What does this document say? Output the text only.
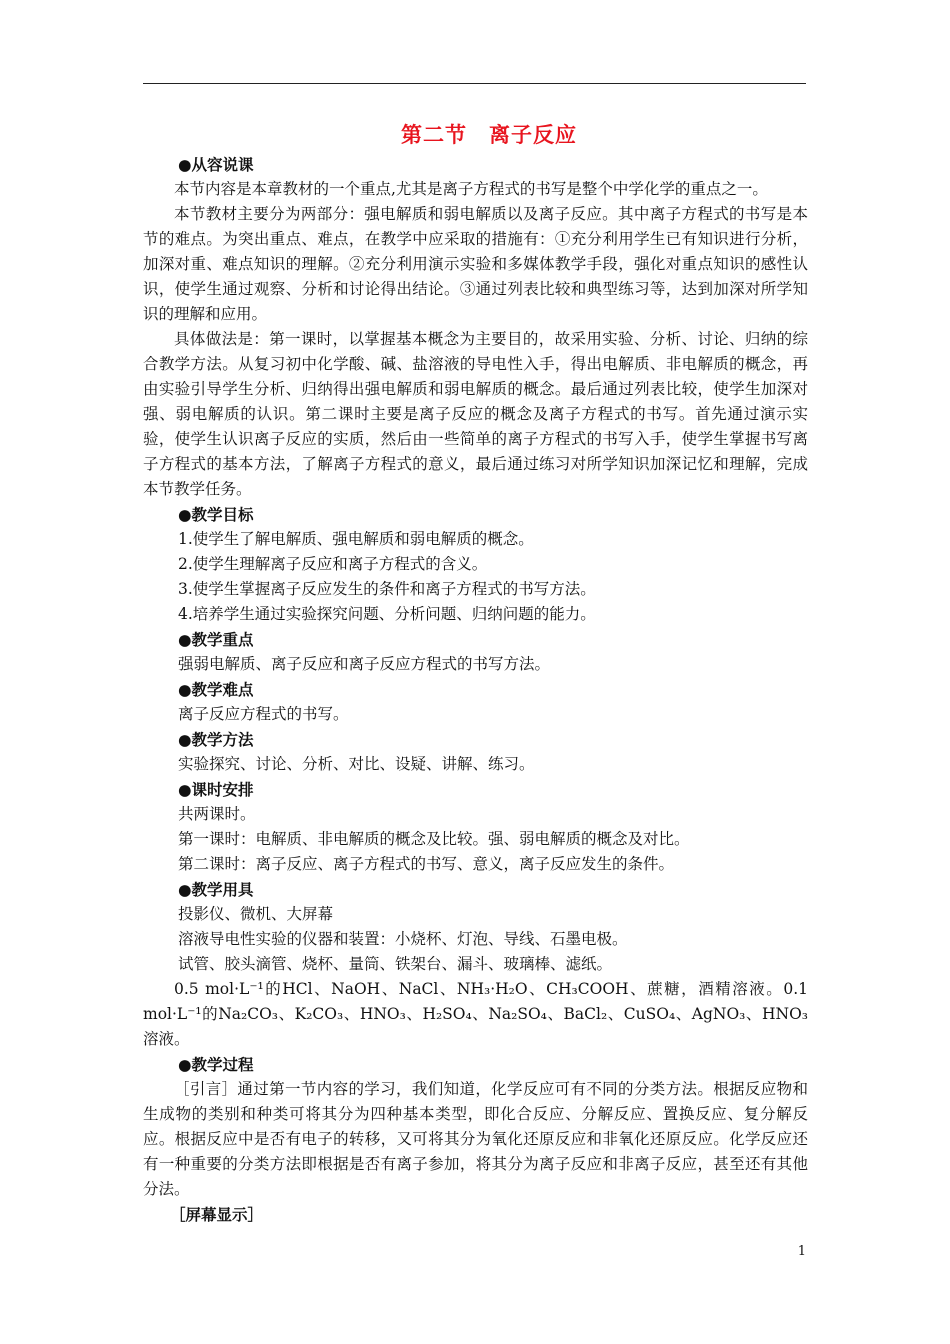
第二节　离子反应

●从容说课

本节内容是本章教材的一个重点,尤其是离子方程式的书写是整个中学化学的重点之一。

本节教材主要分为两部分：强电解质和弱电解质以及离子反应。其中离子方程式的书写是本节的难点。为突出重点、难点，在教学中应采取的措施有：①充分利用学生已有知识进行分析，加深对重、难点知识的理解。②充分利用演示实验和多媒体教学手段，强化对重点知识的感性认识，使学生通过观察、分析和讨论得出结论。③通过列表比较和典型练习等，达到加深对所学知识的理解和应用。

具体做法是：第一课时，以掌握基本概念为主要目的，故采用实验、分析、讨论、归纳的综合教学方法。从复习初中化学酸、碱、盐溶液的导电性入手，得出电解质、非电解质的概念，再由实验引导学生分析、归纳得出强电解质和弱电解质的概念。最后通过列表比较，使学生加深对强、弱电解质的认识。第二课时主要是离子反应的概念及离子方程式的书写。首先通过演示实验，使学生认识离子反应的实质，然后由一些简单的离子方程式的书写入手，使学生掌握书写离子方程式的基本方法，了解离子方程式的意义，最后通过练习对所学知识加深记忆和理解，完成本节教学任务。

●教学目标

1.使学生了解电解质、强电解质和弱电解质的概念。

2.使学生理解离子反应和离子方程式的含义。

3.使学生掌握离子反应发生的条件和离子方程式的书写方法。

4.培养学生通过实验探究问题、分析问题、归纳问题的能力。

●教学重点

强弱电解质、离子反应和离子反应方程式的书写方法。

●教学难点

离子反应方程式的书写。

●教学方法

实验探究、讨论、分析、对比、设疑、讲解、练习。

●课时安排

共两课时。

第一课时：电解质、非电解质的概念及比较。强、弱电解质的概念及对比。

第二课时：离子反应、离子方程式的书写、意义，离子反应发生的条件。

●教学用具

投影仪、微机、大屏幕

溶液导电性实验的仪器和装置：小烧杯、灯泡、导线、石墨电极。

试管、胶头滴管、烧杯、量筒、铁架台、漏斗、玻璃棒、滤纸。

0.5 mol·L⁻¹的HCl、NaOH、NaCl、NH₃·H₂O、CH₃COOH、蔗糖，酒精溶液。0.1 mol·L⁻¹的Na₂CO₃、K₂CO₃、HNO₃、H₂SO₄、Na₂SO₄、BaCl₂、CuSO₄、AgNO₃、HNO₃溶液。

●教学过程

［引言］通过第一节内容的学习，我们知道，化学反应可有不同的分类方法。根据反应物和生成物的类别和种类可将其分为四种基本类型，即化合反应、分解反应、置换反应、复分解反应。根据反应中是否有电子的转移，又可将其分为氧化还原反应和非氧化还原反应。化学反应还有一种重要的分类方法即根据是否有离子参加，将其分为离子反应和非离子反应，甚至还有其他分法。

［屏幕显示］

1
